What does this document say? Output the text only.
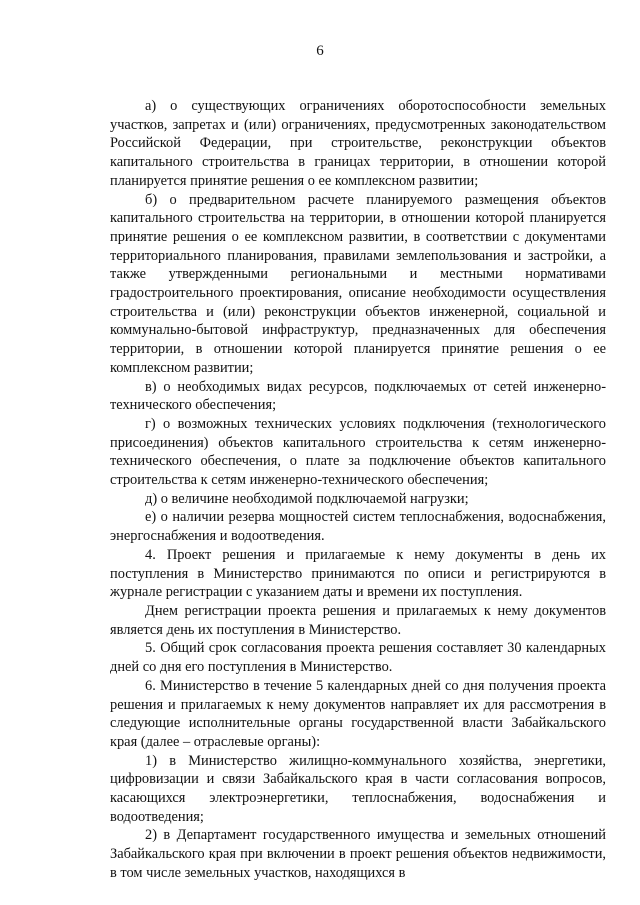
6

а) о существующих ограничениях оборотоспособности земельных участков, запретах и (или) ограничениях, предусмотренных законодательством Российской Федерации, при строительстве, реконструкции объектов капитального строительства в границах территории, в отношении которой планируется принятие решения о ее комплексном развитии;

б) о предварительном расчете планируемого размещения объектов капитального строительства на территории, в отношении которой планируется принятие решения о ее комплексном развитии, в соответствии с документами территориального планирования, правилами землепользования и застройки, а также утвержденными региональными и местными нормативами градостроительного проектирования, описание необходимости осуществления строительства и (или) реконструкции объектов инженерной, социальной и коммунально-бытовой инфраструктур, предназначенных для обеспечения территории, в отношении которой планируется принятие решения о ее комплексном развитии;

в) о необходимых видах ресурсов, подключаемых от сетей инженерно-технического обеспечения;

г) о возможных технических условиях подключения (технологического присоединения) объектов капитального строительства к сетям инженерно-технического обеспечения, о плате за подключение объектов капитального строительства к сетям инженерно-технического обеспечения;

д) о величине необходимой подключаемой нагрузки;

е) о наличии резерва мощностей систем теплоснабжения, водоснабжения, энергоснабжения и водоотведения.

4. Проект решения и прилагаемые к нему документы в день их поступления в Министерство принимаются по описи и регистрируются в журнале регистрации с указанием даты и времени их поступления.

Днем регистрации проекта решения и прилагаемых к нему документов является день их поступления в Министерство.

5. Общий срок согласования проекта решения составляет 30 календарных дней со дня его поступления в Министерство.

6. Министерство в течение 5 календарных дней со дня получения проекта решения и прилагаемых к нему документов направляет их для рассмотрения в следующие исполнительные органы государственной власти Забайкальского края (далее – отраслевые органы):

1) в Министерство жилищно-коммунального хозяйства, энергетики, цифровизации и связи Забайкальского края в части согласования вопросов, касающихся электроэнергетики, теплоснабжения, водоснабжения и водоотведения;

2) в Департамент государственного имущества и земельных отношений Забайкальского края при включении в проект решения объектов недвижимости, в том числе земельных участков, находящихся в
